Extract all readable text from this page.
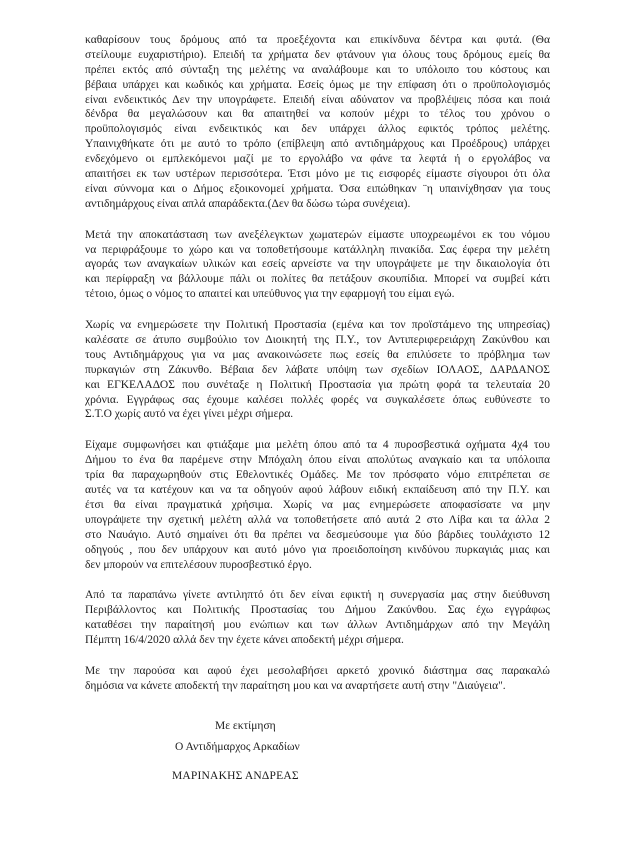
καθαρίσουν τους δρόμους από τα προεξέχοντα και επικίνδυνα δέντρα και φυτά. (Θα
στείλουμε ευχαριστήριο). Επειδή τα χρήματα δεν φτάνουν για όλους τους δρόμους εμείς θα
πρέπει εκτός από σύνταξη της μελέτης να αναλάβουμε και το υπόλοιπο του κόστους και
βέβαια υπάρχει και κωδικός και χρήματα. Εσείς όμως με την επίφαση ότι ο προϋπολογισμός
είναι ενδεικτικός Δεν την υπογράφετε. Επειδή είναι αδύνατον να προβλέψεις πόσα και ποιά
δένδρα θα μεγαλώσουν και θα απαιτηθεί να κοπούν μέχρι το τέλος του χρόνου ο
προϋπολογισμός είναι ενδεικτικός και δεν υπάρχει άλλος εφικτός τρόπος μελέτης.
Υπαινιχθήκατε ότι με αυτό το τρόπο (επίβλεψη από αντιδημάρχους και Προέδρους) υπάρχει
ενδεχόμενο οι εμπλεκόμενοι μαζί με το εργολάβο να φάνε τα λεφτά ή ο εργολάβος να
απαιτήσει εκ των υστέρων περισσότερα. Έτσι μόνο με τις εισφορές είμαστε σίγουροι ότι όλα
είναι σύννομα και ο Δήμος εξοικονομεί χρήματα. Όσα ειπώθηκαν ¨η υπαινίχθησαν για τους
αντιδημάρχους είναι απλά απαράδεκτα.(Δεν θα δώσω τώρα συνέχεια).
Μετά την αποκατάσταση των ανεξέλεγκτων χωματερών είμαστε υποχρεωμένοι εκ του νόμου
να περιφράξουμε το χώρο και να τοποθετήσουμε κατάλληλη πινακίδα. Σας έφερα την μελέτη
αγοράς των αναγκαίων υλικών και εσείς αρνείστε να την υπογράψετε με την δικαιολογία ότι
και περίφραξη να βάλλουμε πάλι οι πολίτες θα πετάξουν σκουπίδια. Μπορεί να συμβεί κάτι
τέτοιο, όμως ο νόμος το απαιτεί και υπεύθυνος για την εφαρμογή του είμαι εγώ.
Χωρίς να ενημερώσετε την Πολιτική Προστασία (εμένα και τον προϊστάμενο της υπηρεσίας)
καλέσατε σε άτυπο συμβούλιο τον Διοικητή της Π.Υ., τον Αντιπεριφερειάρχη Ζακύνθου και
τους Αντιδημάρχους για να μας ανακοινώσετε πως εσείς θα επιλύσετε το πρόβλημα των
πυρκαγιών στη Ζάκυνθο. Βέβαια δεν λάβατε υπόψη των σχεδίων ΙΟΛΑΟΣ, ΔΑΡΔΑΝΟΣ
και ΕΓΚΕΛΑΔΟΣ που συνέταξε η Πολιτική Προστασία για πρώτη φορά τα τελευταία 20
χρόνια. Εγγράφως σας έχουμε καλέσει πολλές φορές να συγκαλέσετε όπως ευθύνεστε το
Σ.Τ.Ο χωρίς αυτό να έχει γίνει μέχρι σήμερα.
Είχαμε συμφωνήσει και φτιάξαμε μια μελέτη όπου από τα 4 πυροσβεστικά οχήματα 4χ4 του
Δήμου το ένα θα παρέμενε στην Μπόχαλη όπου είναι απολύτως αναγκαίο και τα υπόλοιπα
τρία θα παραχωρηθούν στις Εθελοντικές Ομάδες. Με τον πρόσφατο νόμο επιτρέπεται σε
αυτές να τα κατέχουν και να τα οδηγούν αφού λάβουν ειδική εκπαίδευση από την Π.Υ. και
έτσι θα είναι πραγματικά χρήσιμα. Χωρίς να μας ενημερώσετε αποφασίσατε να μην
υπογράψετε την σχετική μελέτη αλλά να τοποθετήσετε από αυτά 2 στο Λίβα και τα άλλα 2
στο Ναυάγιο. Αυτό σημαίνει ότι θα πρέπει να δεσμεύσουμε για δύο βάρδιες τουλάχιστο 12
οδηγούς , που δεν υπάρχουν και αυτό μόνο για προειδοποίηση κινδύνου πυρκαγιάς μιας και
δεν μπορούν να επιτελέσουν πυροσβεστικό έργο.
Από τα παραπάνω γίνετε αντιληπτό ότι δεν είναι εφικτή η συνεργασία μας στην διεύθυνση
Περιβάλλοντος και Πολιτικής Προστασίας του Δήμου Ζακύνθου. Σας έχω εγγράφως
καταθέσει την παραίτησή μου ενώπιων και των άλλων Αντιδημάρχων από την Μεγάλη
Πέμπτη 16/4/2020 αλλά δεν την έχετε κάνει αποδεκτή μέχρι σήμερα.
Με την παρούσα και αφού έχει μεσολαβήσει αρκετό χρονικό διάστημα σας παρακαλώ
δημόσια να κάνετε αποδεκτή την παραίτηση μου και να αναρτήσετε αυτή στην "Διαύγεια".
Με εκτίμηση
Ο Αντιδήμαρχος Αρκαδίων
ΜΑΡΙΝΑΚΗΣ ΑΝΔΡΕΑΣ
